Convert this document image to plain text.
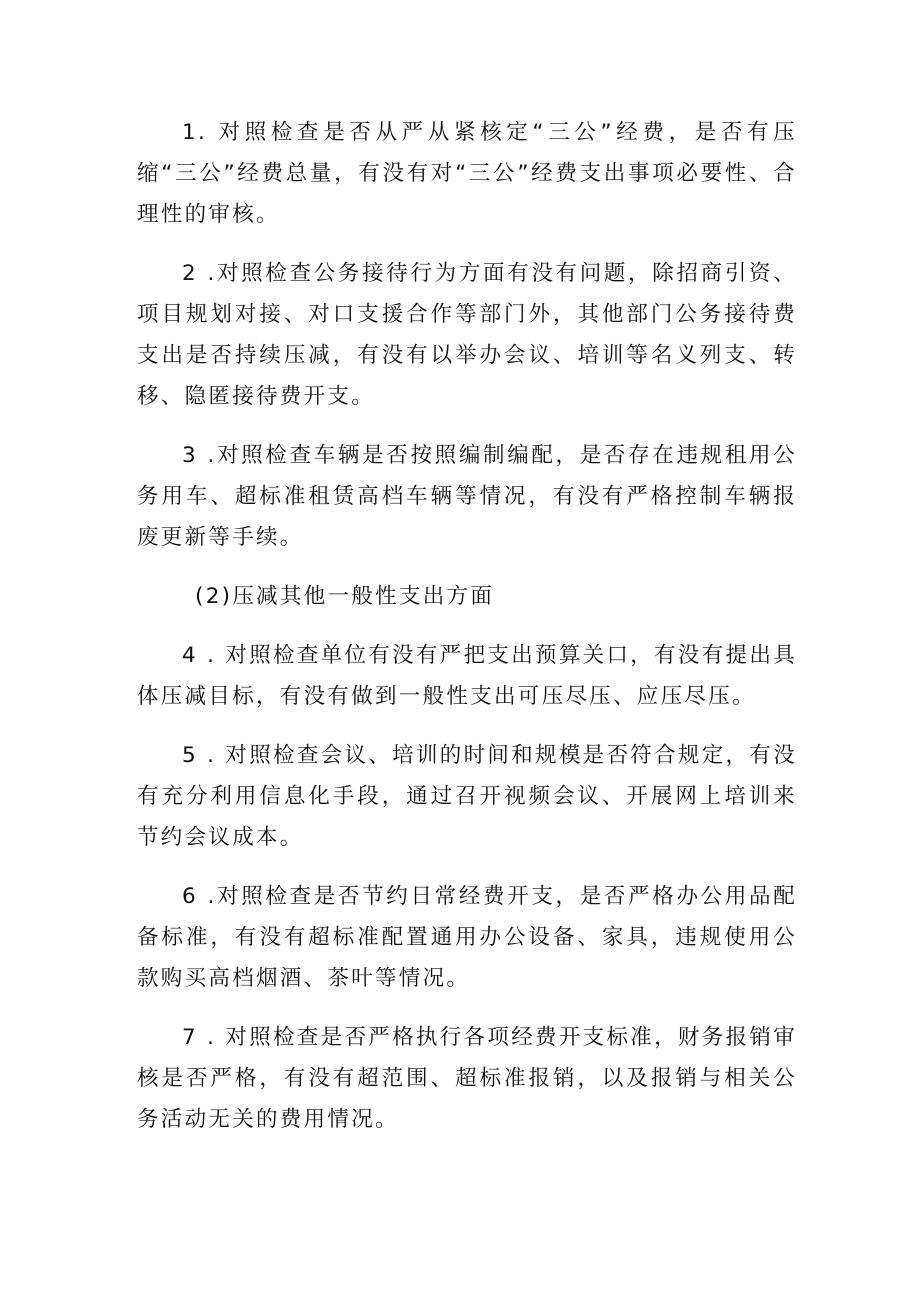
1. 对照检查是否从严从紧核定“三公”经费，是否有压缩“三公”经费总量，有没有对“三公”经费支出事项必要性、合理性的审核。

2 .对照检查公务接待行为方面有没有问题，除招商引资、项目规划对接、对口支援合作等部门外，其他部门公务接待费支出是否持续压减，有没有以举办会议、培训等名义列支、转移、隐匿接待费开支。

3 .对照检查车辆是否按照编制编配，是否存在违规租用公务用车、超标准租赁高档车辆等情况，有没有严格控制车辆报废更新等手续。

(2)压减其他一般性支出方面

4 . 对照检查单位有没有严把支出预算关口，有没有提出具体压减目标，有没有做到一般性支出可压尽压、应压尽压。

5 . 对照检查会议、培训的时间和规模是否符合规定，有没有充分利用信息化手段，通过召开视频会议、开展网上培训来节约会议成本。

6 .对照检查是否节约日常经费开支，是否严格办公用品配备标准，有没有超标准配置通用办公设备、家具，违规使用公款购买高档烟酒、茶叶等情况。

7 . 对照检查是否严格执行各项经费开支标准，财务报销审核是否严格，有没有超范围、超标准报销，以及报销与相关公务活动无关的费用情况。
